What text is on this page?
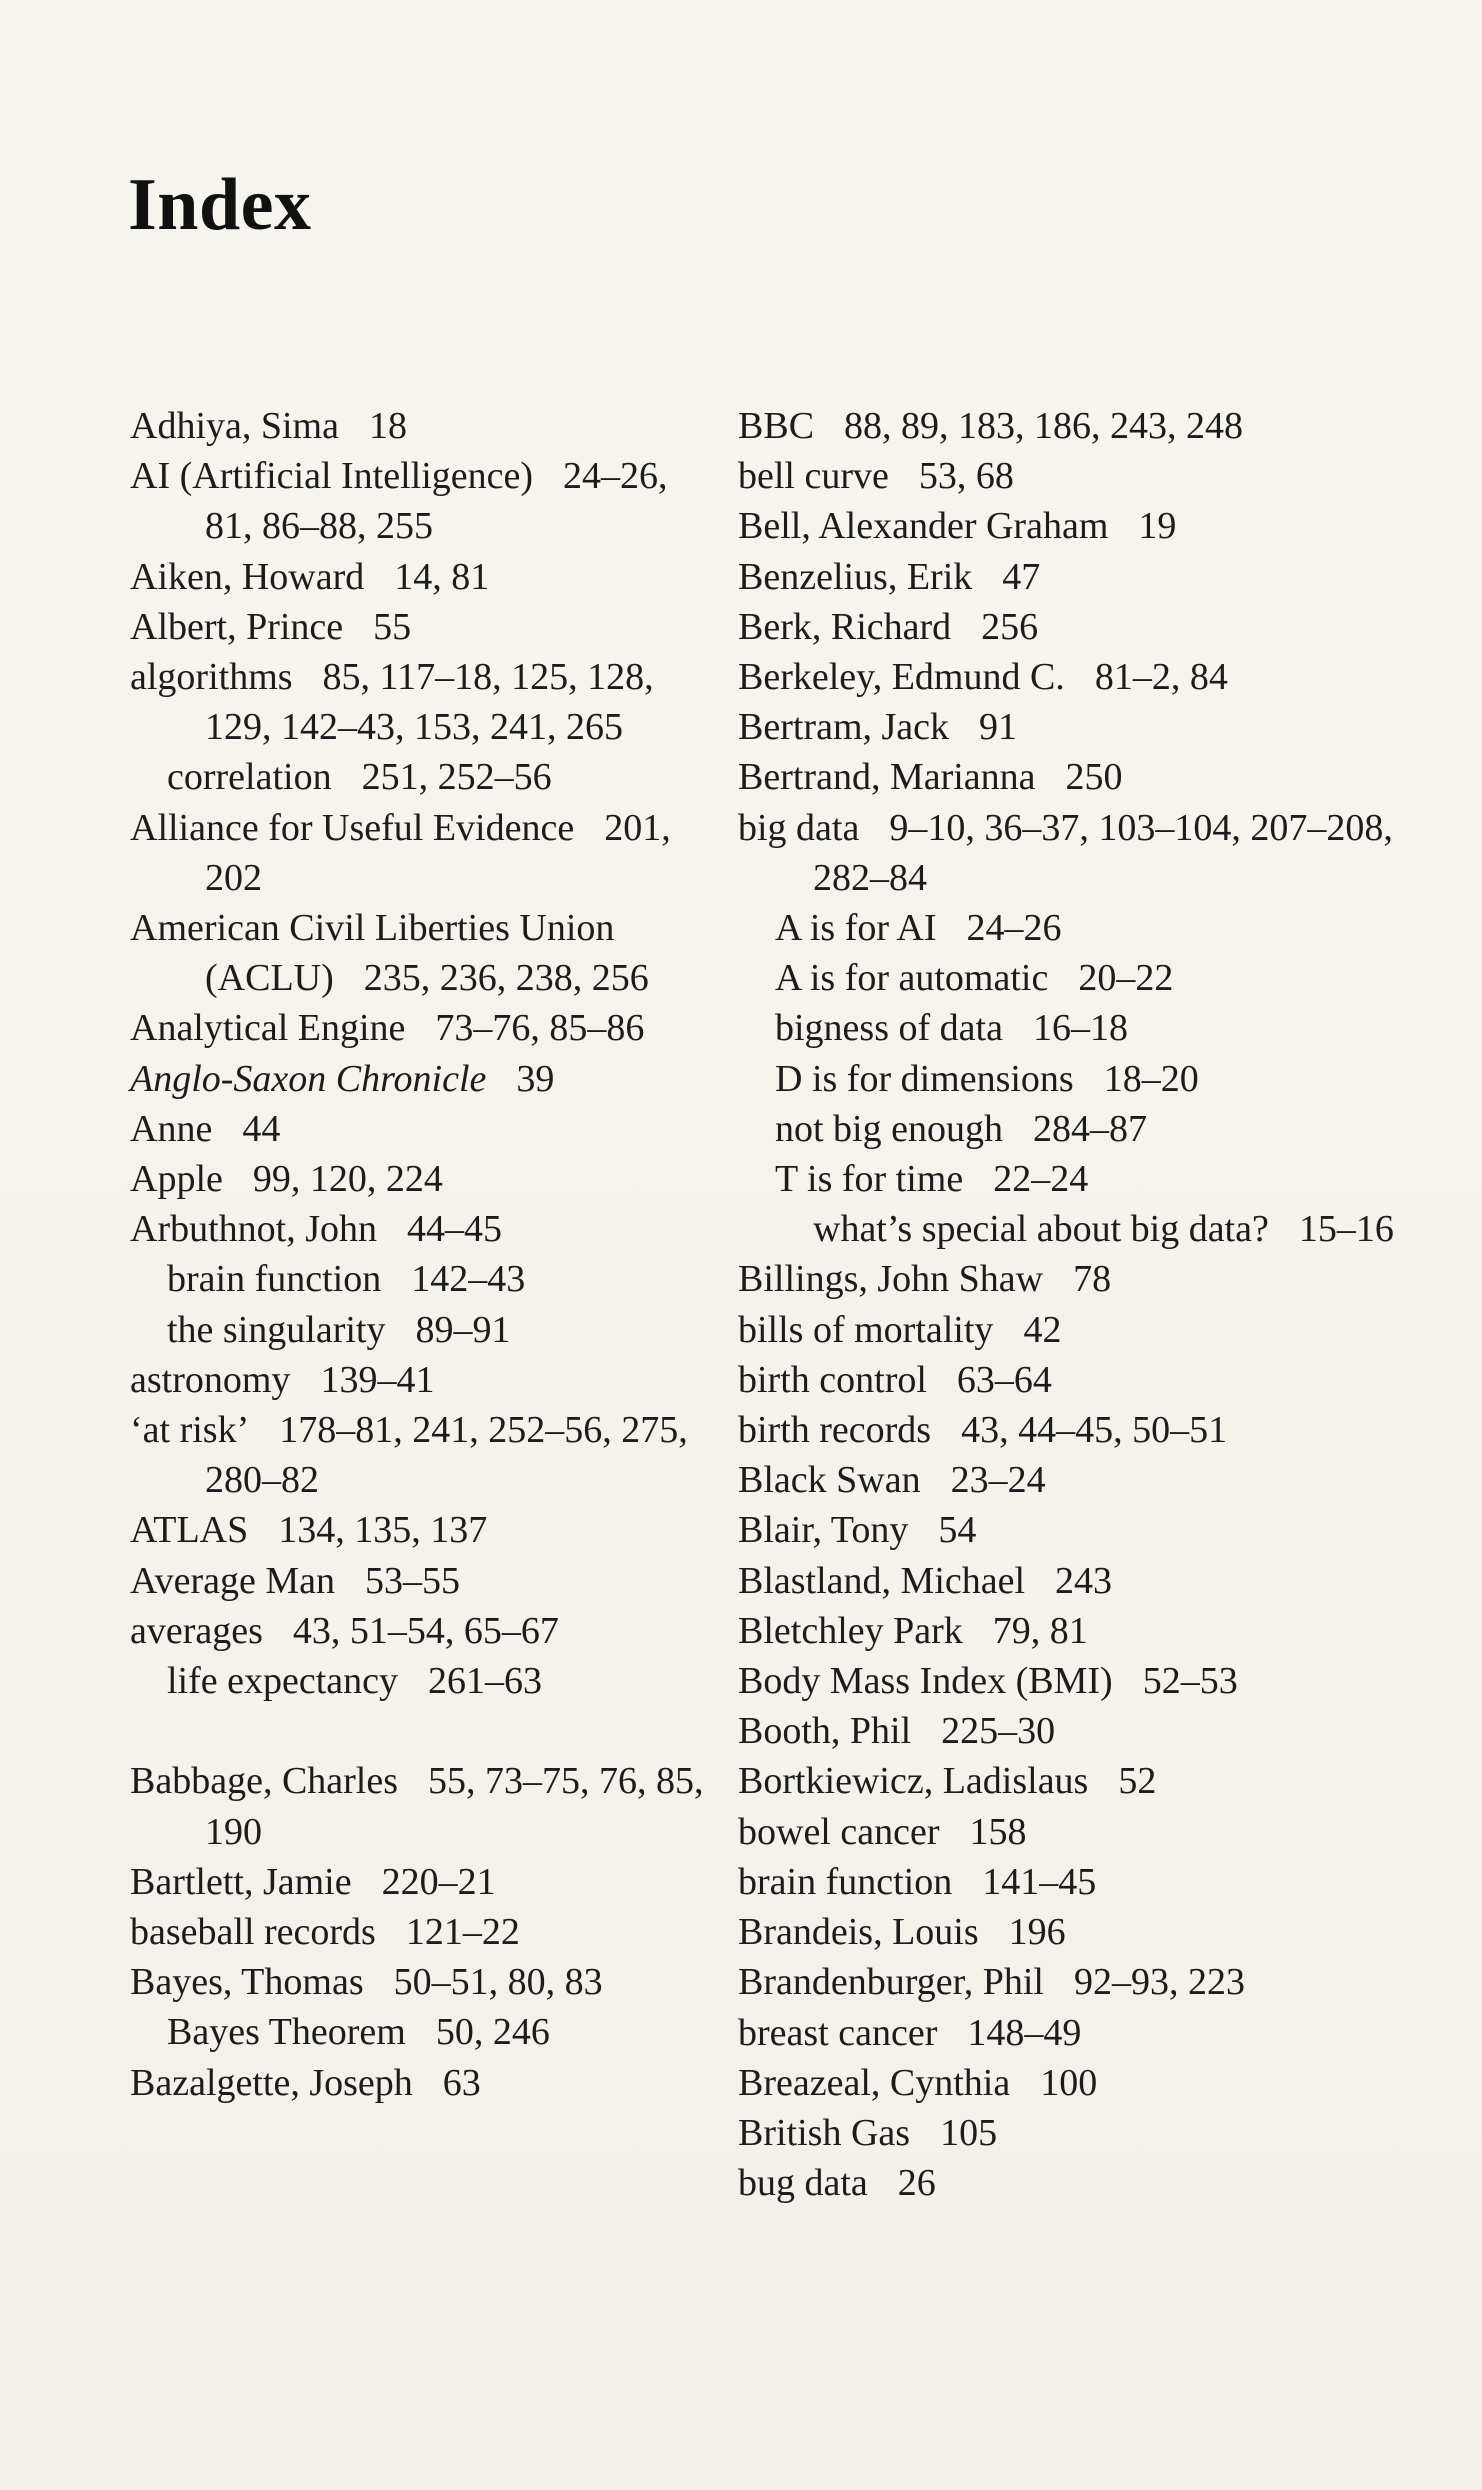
Index

Adhiya, Sima 18

AI (Artificial Intelligence) 24–26, 81, 86–88, 255

Aiken, Howard 14, 81

Albert, Prince 55

algorithms 85, 117–18, 125, 128, 129, 142–43, 153, 241, 265

correlation 251, 252–56

Alliance for Useful Evidence 201, 202

American Civil Liberties Union (ACLU) 235, 236, 238, 256

Analytical Engine 73–76, 85–86

Anglo-Saxon Chronicle 39

Anne 44

Apple 99, 120, 224

Arbuthnot, John 44–45

brain function 142–43

the singularity 89–91

astronomy 139–41

‘at risk’ 178–81, 241, 252–56, 275, 280–82

ATLAS 134, 135, 137

Average Man 53–55

averages 43, 51–54, 65–67

life expectancy 261–63

Babbage, Charles 55, 73–75, 76, 85, 190

Bartlett, Jamie 220–21

baseball records 121–22

Bayes, Thomas 50–51, 80, 83

Bayes Theorem 50, 246

Bazalgette, Joseph 63

BBC 88, 89, 183, 186, 243, 248

bell curve 53, 68

Bell, Alexander Graham 19

Benzelius, Erik 47

Berk, Richard 256

Berkeley, Edmund C. 81–2, 84

Bertram, Jack 91

Bertrand, Marianna 250

big data 9–10, 36–37, 103–104, 207–208, 282–84

A is for AI 24–26

A is for automatic 20–22

bigness of data 16–18

D is for dimensions 18–20

not big enough 284–87

T is for time 22–24

what’s special about big data? 15–16

Billings, John Shaw 78

bills of mortality 42

birth control 63–64

birth records 43, 44–45, 50–51

Black Swan 23–24

Blair, Tony 54

Blastland, Michael 243

Bletchley Park 79, 81

Body Mass Index (BMI) 52–53

Booth, Phil 225–30

Bortkiewicz, Ladislaus 52

bowel cancer 158

brain function 141–45

Brandeis, Louis 196

Brandenburger, Phil 92–93, 223

breast cancer 148–49

Breazeal, Cynthia 100

British Gas 105

bug data 26
